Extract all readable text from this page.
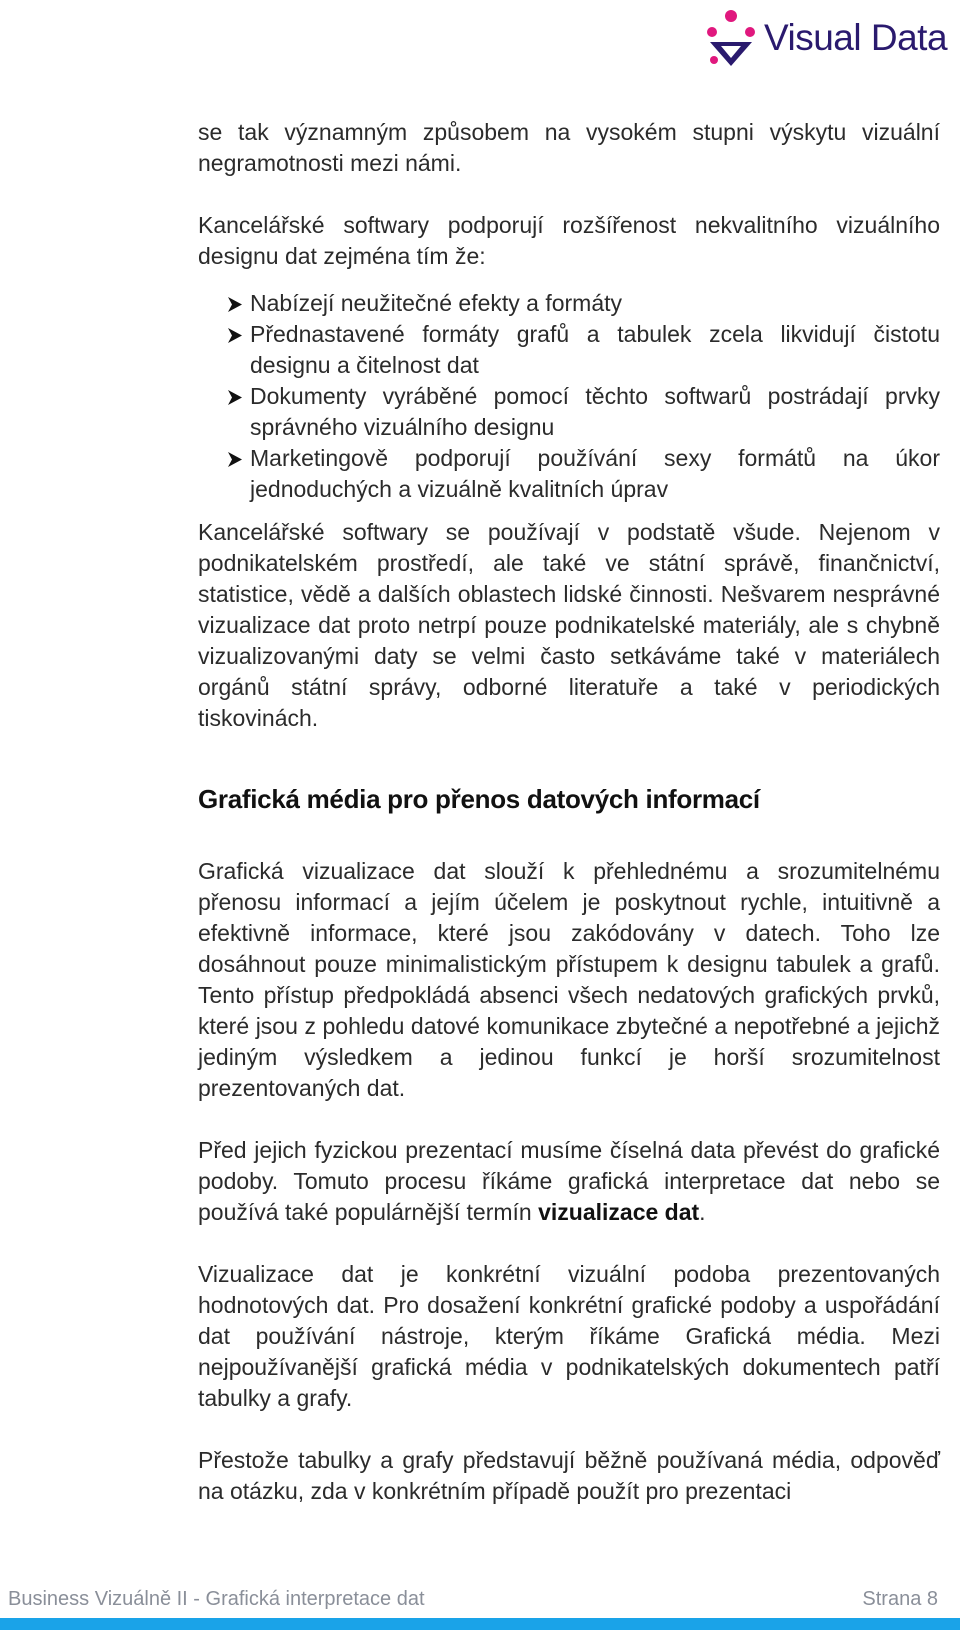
Visual Data

se tak významným způsobem na vysokém stupni výskytu vizuální negramotnosti mezi námi.

Kancelářské softwary podporují rozšířenost nekvalitního vizuálního designu dat zejména tím že:

Nabízejí neužitečné efekty a formáty
Přednastavené formáty grafů a tabulek zcela likvidují čistotu designu a čitelnost dat
Dokumenty vyráběné pomocí těchto softwarů postrádají prvky správného vizuálního designu
Marketingově podporují používání sexy formátů na úkor jednoduchých a vizuálně kvalitních úprav

Kancelářské softwary se používají v podstatě všude. Nejenom v podnikatelském prostředí, ale také ve státní správě, finančnictví, statistice, vědě a dalších oblastech lidské činnosti. Nešvarem nesprávné vizualizace dat proto netrpí pouze podnikatelské materiály, ale s chybně vizualizovanými daty se velmi často setkáváme také v materiálech orgánů státní správy, odborné literatuře a také v periodických tiskovinách.

Grafická média pro přenos datových informací

Grafická vizualizace dat slouží k přehlednému a srozumitelnému přenosu informací a jejím účelem je poskytnout rychle, intuitivně a efektivně informace, které jsou zakódovány v datech. Toho lze dosáhnout pouze minimalistickým přístupem k designu tabulek a grafů. Tento přístup předpokládá absenci všech nedatových grafických prvků, které jsou z pohledu datové komunikace zbytečné a nepotřebné a jejichž jediným výsledkem a jedinou funkcí je horší srozumitelnost prezentovaných dat.

Před jejich fyzickou prezentací musíme číselná data převést do grafické podoby. Tomuto procesu říkáme grafická interpretace dat nebo se používá také populárnější termín vizualizace dat.

Vizualizace dat je konkrétní vizuální podoba prezentovaných hodnotových dat. Pro dosažení konkrétní grafické podoby a uspořádání dat používání nástroje, kterým říkáme Grafická média. Mezi nejpoužívanější grafická média v podnikatelských dokumentech patří tabulky a grafy.

Přestože tabulky a grafy představují běžně používaná média, odpověď na otázku, zda v konkrétním případě použít pro prezentaci

Business Vizuálně II - Grafická interpretace dat	Strana 8
